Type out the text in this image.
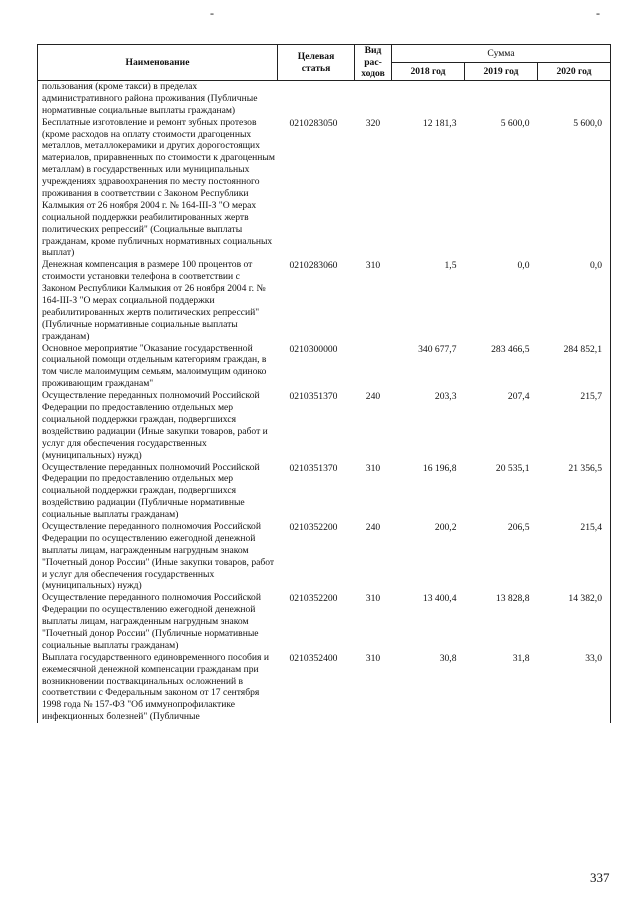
-	-
Наименование	Целевая статья	Вид рас-ходов	Сумма		
			2018 год	2019 год	2020 год
пользования (кроме такси) в пределах административного района проживания (Публичные нормативные социальные выплаты гражданам)					
Бесплатные изготовление и ремонт зубных протезов (кроме расходов на оплату стоимости драгоценных металлов, металлокерамики и других дорогостоящих материалов, приравненных по стоимости к драгоценным металлам) в государственных или муниципальных учреждениях здравоохранения по месту постоянного проживания в соответствии с Законом Республики Калмыкия от 26 ноября 2004 г. № 164-III-З "О мерах социальной поддержки реабилитированных жертв политических репрессий" (Социальные выплаты гражданам, кроме публичных нормативных социальных выплат)	0210283050	320	12 181,3	5 600,0	5 600,0
Денежная компенсация в размере 100 процентов от стоимости установки телефона в соответствии с Законом Республики Калмыкия от 26 ноября 2004 г. № 164-III-З "О мерах социальной поддержки реабилитированных жертв политических репрессий" (Публичные нормативные социальные выплаты гражданам)	0210283060	310	1,5	0,0	0,0
Основное мероприятие "Оказание государственной социальной помощи отдельным категориям граждан, в том числе малоимущим семьям, малоимущим одиноко проживающим гражданам"	0210300000		340 677,7	283 466,5	284 852,1
Осуществление переданных полномочий Российской Федерации по предоставлению отдельных мер социальной поддержки граждан, подвергшихся воздействию радиации (Иные закупки товаров, работ и услуг для обеспечения государственных (муниципальных) нужд)	0210351370	240	203,3	207,4	215,7
Осуществление переданных полномочий Российской Федерации по предоставлению отдельных мер социальной поддержки граждан, подвергшихся воздействию радиации (Публичные нормативные социальные выплаты гражданам)	0210351370	310	16 196,8	20 535,1	21 356,5
Осуществление переданного полномочия Российской Федерации по осуществлению ежегодной денежной выплаты лицам, награжденным нагрудным знаком "Почетный донор России" (Иные закупки товаров, работ и услуг для обеспечения государственных (муниципальных) нужд)	0210352200	240	200,2	206,5	215,4
Осуществление переданного полномочия Российской Федерации по осуществлению ежегодной денежной выплаты лицам, награжденным нагрудным знаком "Почетный донор России" (Публичные нормативные социальные выплаты гражданам)	0210352200	310	13 400,4	13 828,8	14 382,0
Выплата государственного единовременного пособия и ежемесячной денежной компенсации гражданам при возникновении поствакцинальных осложнений в соответствии с Федеральным законом от 17 сентября 1998 года № 157-ФЗ "Об иммунопрофилактике инфекционных болезней" (Публичные	0210352400	310	30,8	31,8	33,0
337
